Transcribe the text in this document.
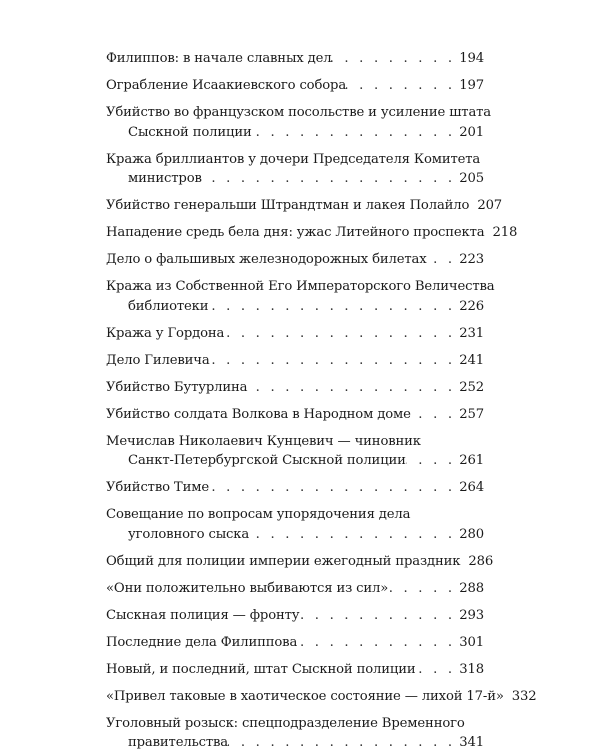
Филиппов: в начале славных дел . . .	194
Ограбление Исаакиевского собора . . .	197
Убийство во французском посольстве и усиление штата
Сыскной полиции . . .	201
Кража бриллиантов у дочери Председателя Комитета
министров . . .	205
Убийство генеральши Штрандтман и лакея Полайло . . . 207
Нападение средь бела дня: ужас Литейного проспекта . . . 218
Дело о фальшивых железнодорожных билетах . . . 223
Кража из Собственной Его Императорского Величества
библиотеки . . .	226
Кража у Гордона . . .	231
Дело Гилевича . . .	241
Убийство Бутурлина . . .	252
Убийство солдата Волкова в Народном доме . . .	257
Мечислав Николаевич Кунцевич — чиновник
Санкт-Петербургской Сыскной полиции . . .	261
Убийство Тиме . . .	264
Совещание по вопросам упорядочения дела
уголовного сыска . . .	280
Общий для полиции империи ежегодный праздник . . . 286
«Они положительно выбиваются из сил» . . .	288
Сыскная полиция — фронту . . .	293
Последние дела Филиппова . . .	301
Новый, и последний, штат Сыскной полиции . . .	318
«Привел таковые в хаотическое состояние — лихой 17-й» . . . 332
Уголовный розыск: спецподразделение Временного
правительства . . .	341
